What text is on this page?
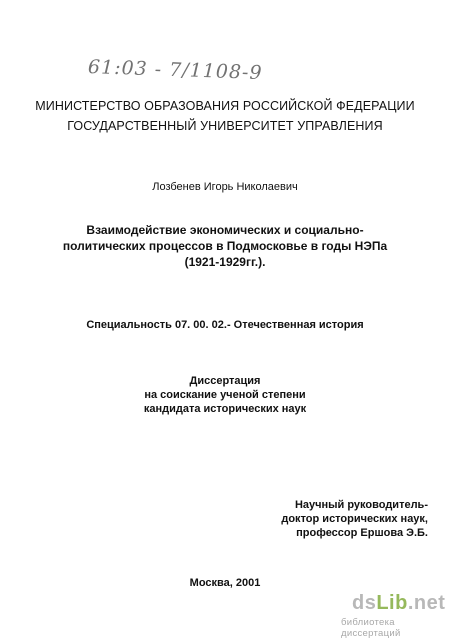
61:03 - 7/1108-9
МИНИСТЕРСТВО ОБРАЗОВАНИЯ РОССИЙСКОЙ ФЕДЕРАЦИИ
ГОСУДАРСТВЕННЫЙ УНИВЕРСИТЕТ УПРАВЛЕНИЯ
Лозбенев Игорь Николаевич
Взаимодействие экономических и социально-
политических процессов в Подмосковье в годы НЭПа
(1921-1929гг.).
Специальность 07. 00. 02.- Отечественная история
Диссертация
на соискание ученой степени
кандидата исторических наук
Научный руководитель-
доктор исторических наук,
профессор Ершова Э.Б.
Москва, 2001
dsLib.net
библиотека диссертаций
